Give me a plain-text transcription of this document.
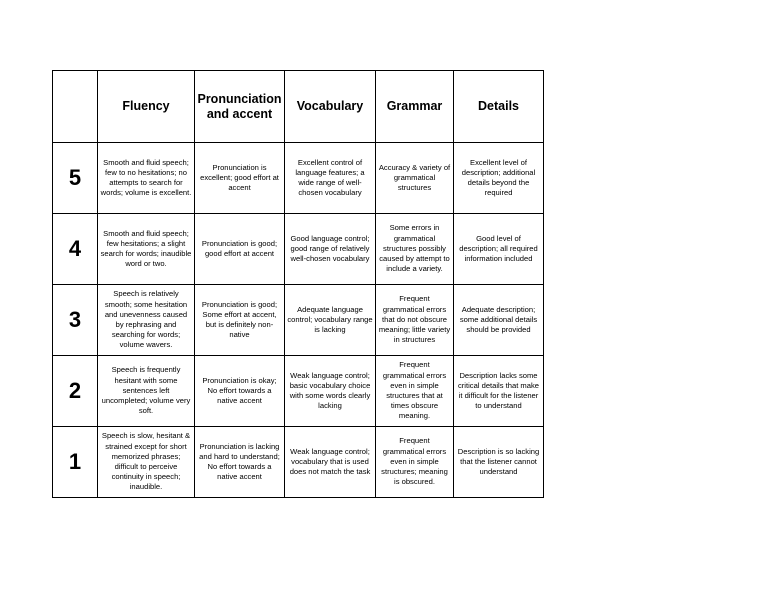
	Fluency	Pronunciation and accent	Vocabulary	Grammar	Details
5	Smooth and fluid speech; few to no hesitations; no attempts to search for words; volume is excellent.	Pronunciation is excellent; good effort at accent	Excellent control of language features; a wide range of well-chosen vocabulary	Accuracy & variety of grammatical structures	Excellent level of description; additional details beyond the required
4	Smooth and fluid speech; few hesitations; a slight search for words; inaudible word or two.	Pronunciation is good; good effort at accent	Good language control; good range of relatively well-chosen vocabulary	Some errors in grammatical structures possibly caused by attempt to include a variety.	Good level of description; all required information included
3	Speech is relatively smooth; some hesitation and unevenness caused by rephrasing and searching for words; volume wavers.	Pronunciation is good; Some effort at accent, but is definitely non-native	Adequate language control; vocabulary range is lacking	Frequent grammatical errors that do not obscure meaning; little variety in structures	Adequate description; some additional details should be provided
2	Speech is frequently hesitant with some sentences left uncompleted; volume very soft.	Pronunciation is okay; No effort towards a native accent	Weak language control; basic vocabulary choice with some words clearly lacking	Frequent grammatical errors even in simple structures that at times obscure meaning.	Description lacks some critical details that make it difficult for the listener to understand
1	Speech is slow, hesitant & strained except for short memorized phrases; difficult to perceive continuity in speech; inaudible.	Pronunciation is lacking and hard to understand; No effort towards a native accent	Weak language control; vocabulary that is used does not match the task	Frequent grammatical errors even in simple structures; meaning is obscured.	Description is so lacking that the listener cannot understand
